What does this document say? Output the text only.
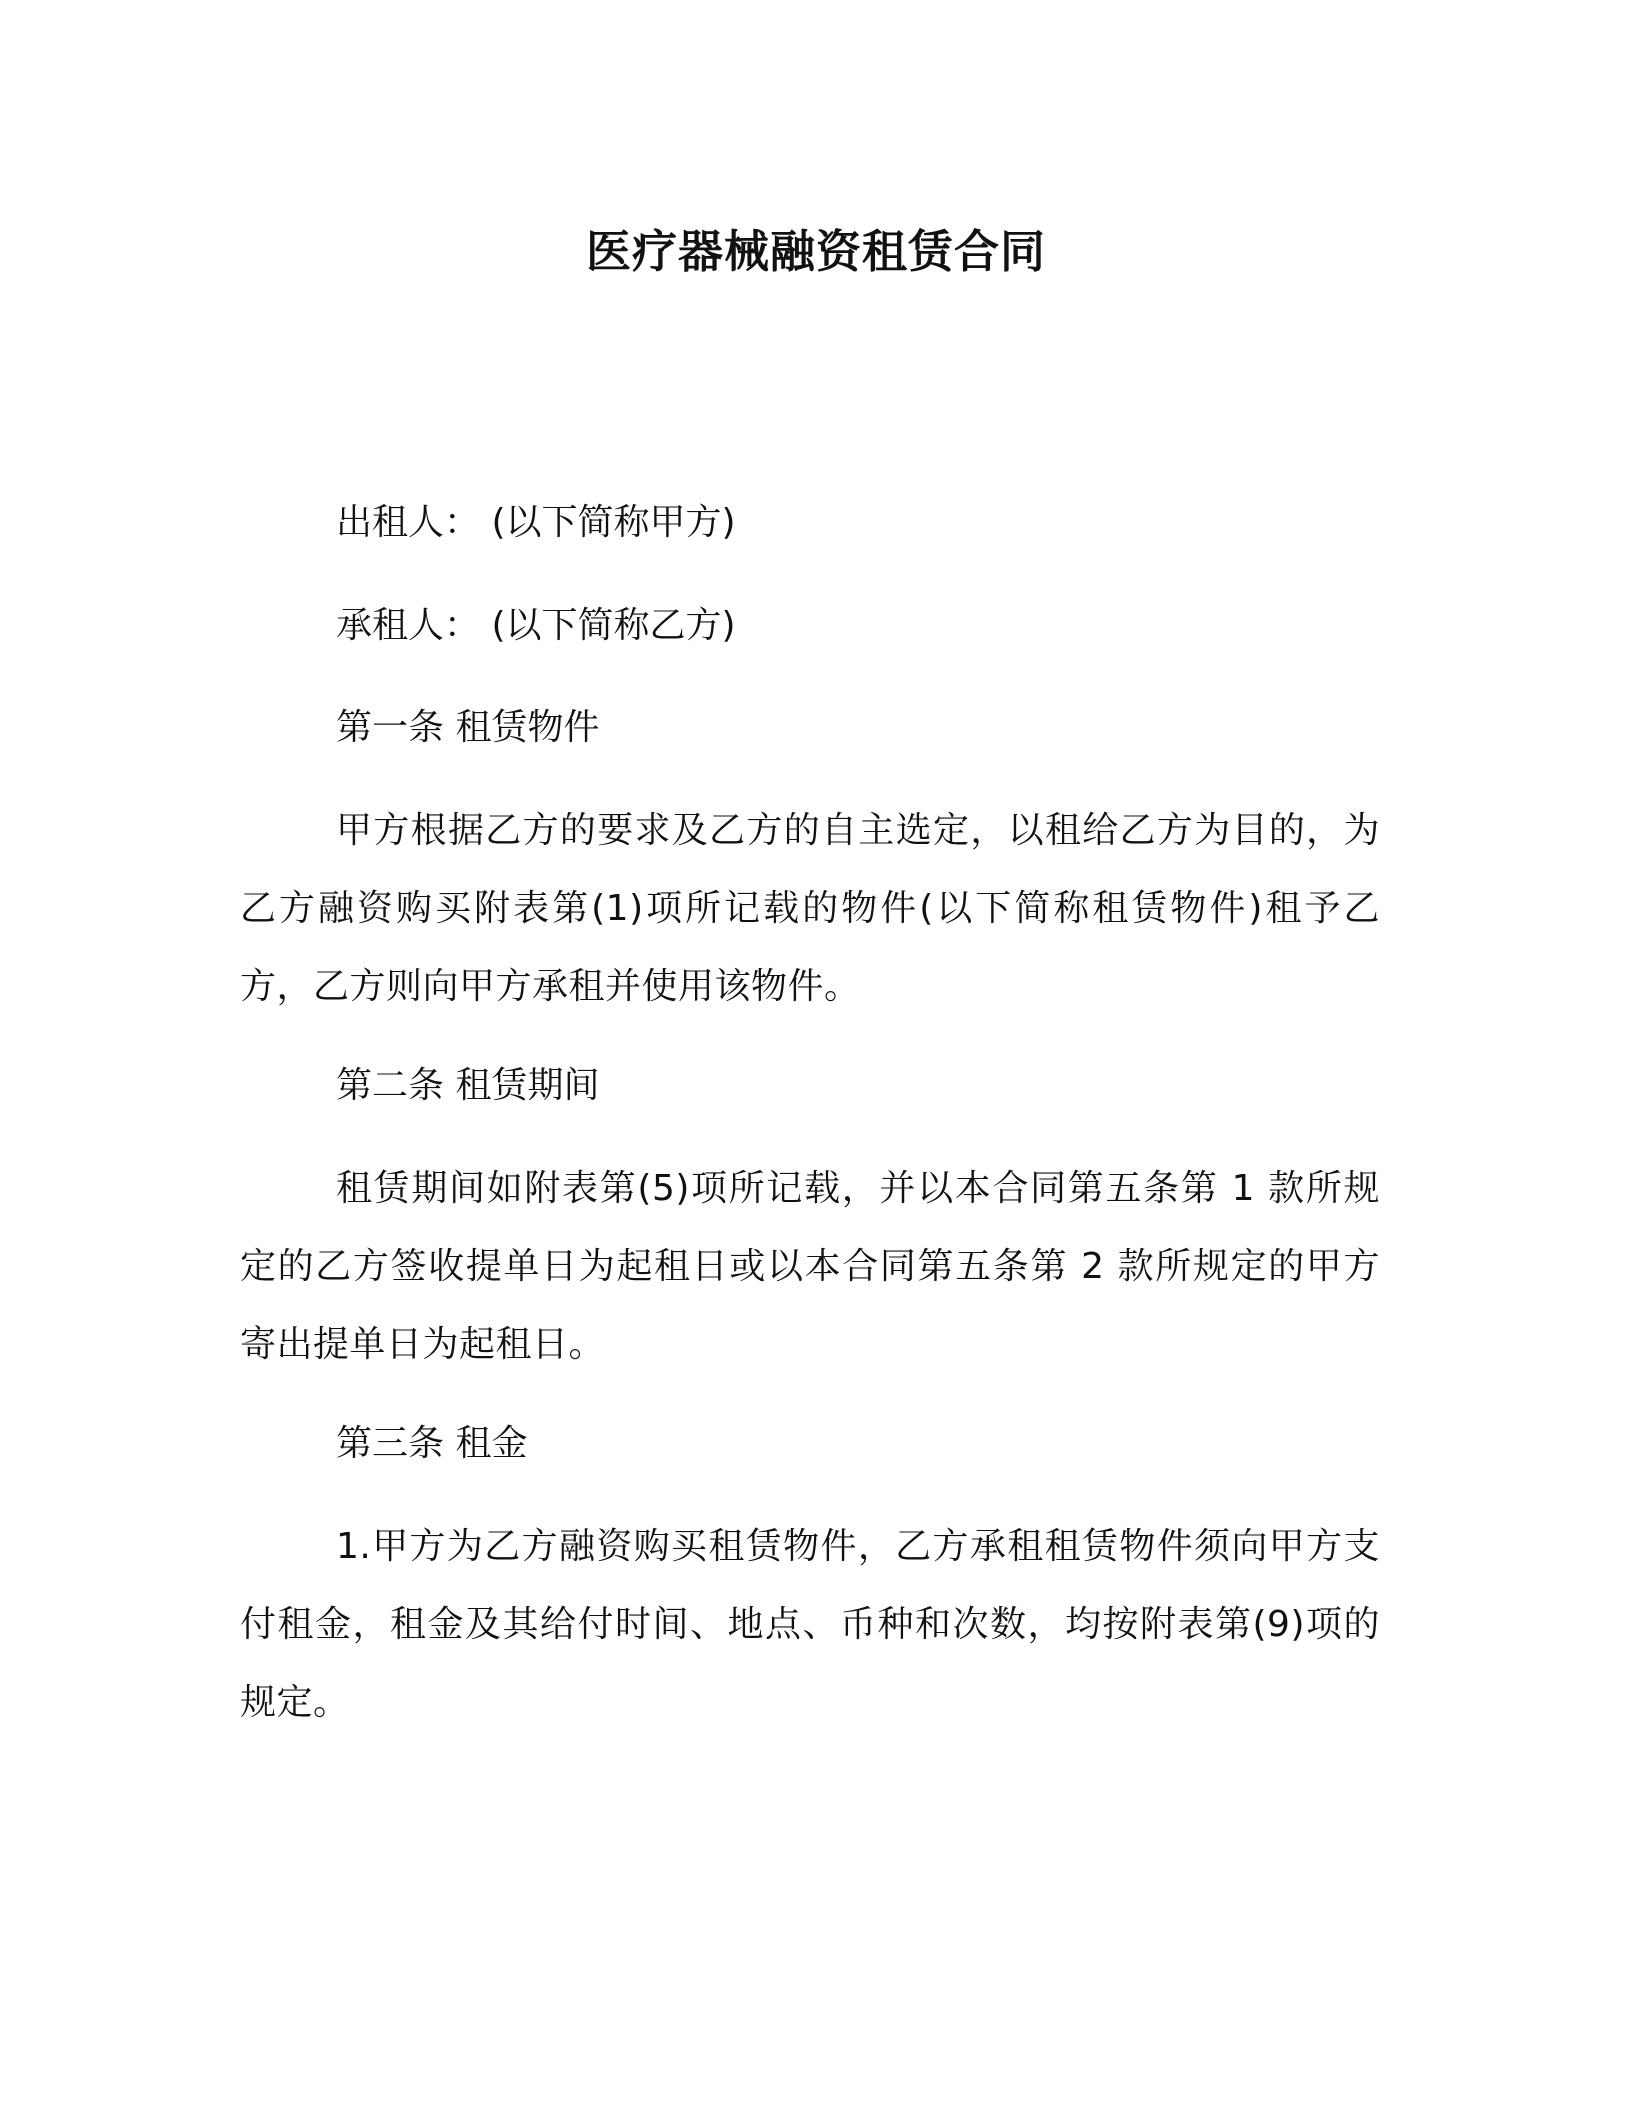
医疗器械融资租赁合同
出租人： (以下简称甲方)
承租人： (以下简称乙方)
第一条 租赁物件
甲方根据乙方的要求及乙方的自主选定，以租给乙方为目的，为乙方融资购买附表第(1)项所记载的物件(以下简称租赁物件)租予乙方，乙方则向甲方承租并使用该物件。
第二条 租赁期间
租赁期间如附表第(5)项所记载，并以本合同第五条第 1 款所规定的乙方签收提单日为起租日或以本合同第五条第 2 款所规定的甲方寄出提单日为起租日。
第三条 租金
1.甲方为乙方融资购买租赁物件，乙方承租租赁物件须向甲方支付租金，租金及其给付时间、地点、币种和次数，均按附表第(9)项的规定。
